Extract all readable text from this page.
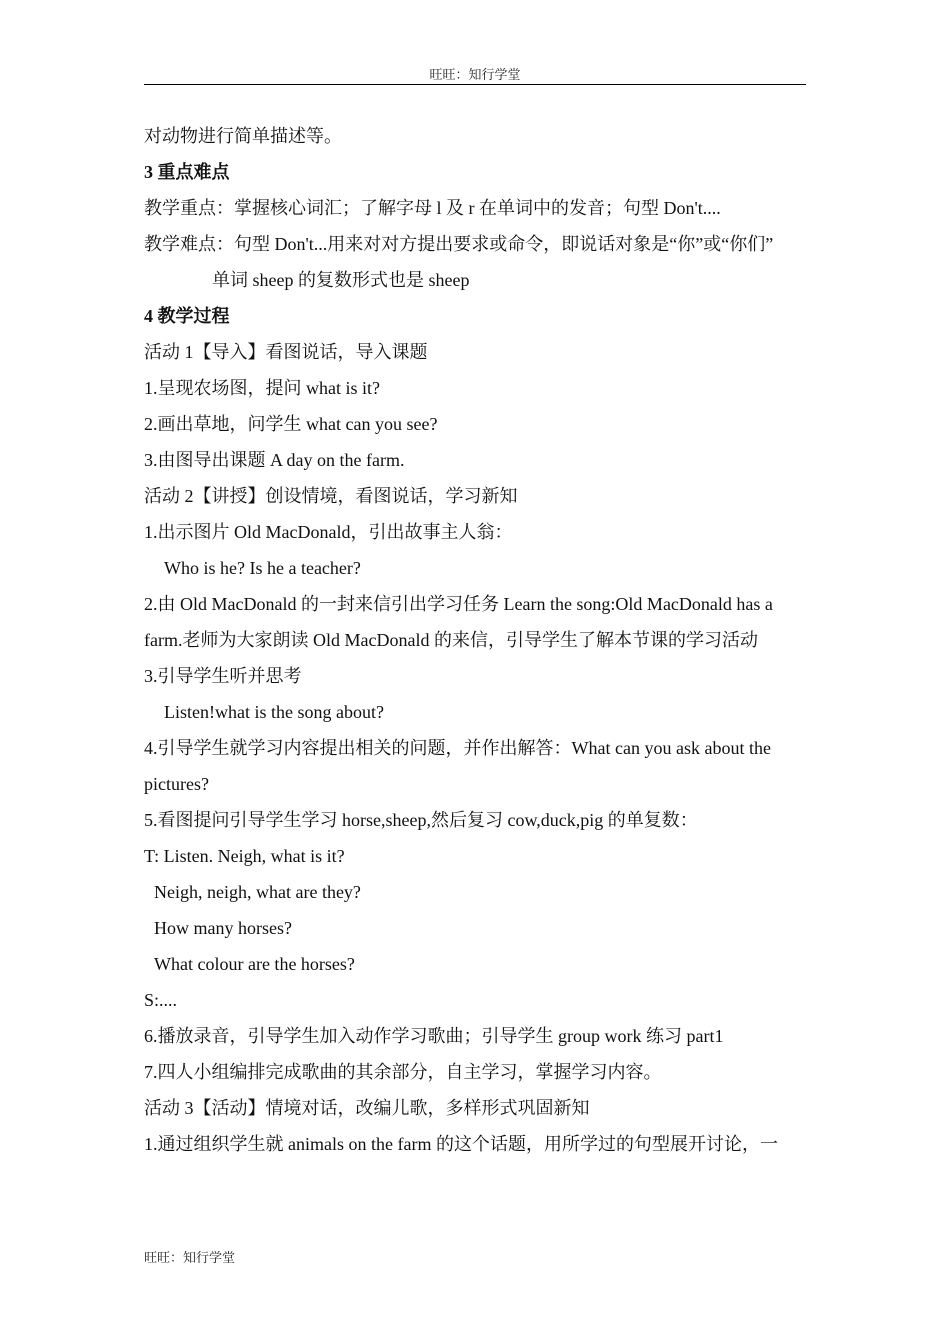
旺旺：知行学堂

对动物进行简单描述等。

3 重点难点

教学重点：掌握核心词汇；了解字母 l 及 r 在单词中的发音；句型 Don't....

教学难点：句型 Don't...用来对对方提出要求或命令，即说话对象是“你”或“你们”

单词 sheep 的复数形式也是 sheep

4 教学过程

活动 1【导入】看图说话，导入课题

1.呈现农场图，提问 what is it?

2.画出草地，问学生 what can you see?

3.由图导出课题 A day on the farm.

活动 2【讲授】创设情境，看图说话，学习新知

1.出示图片 Old MacDonald，引出故事主人翁：

Who is he? Is he a teacher?

2.由 Old MacDonald 的一封来信引出学习任务 Learn the song:Old MacDonald has a farm.老师为大家朗读 Old MacDonald 的来信，引导学生了解本节课的学习活动

3.引导学生听并思考

Listen!what is the song about?

4.引导学生就学习内容提出相关的问题，并作出解答：What can you ask about the pictures?

5.看图提问引导学生学习 horse,sheep,然后复习 cow,duck,pig 的单复数：

T: Listen. Neigh, what is it?

Neigh, neigh, what are they?

How many horses?

What colour are the horses?

S:....

6.播放录音，引导学生加入动作学习歌曲；引导学生 group work 练习 part1

7.四人小组编排完成歌曲的其余部分，自主学习，掌握学习内容。

活动 3【活动】情境对话，改编儿歌，多样形式巩固新知

1.通过组织学生就 animals on the farm 的这个话题，用所学过的句型展开讨论，一

旺旺：知行学堂
